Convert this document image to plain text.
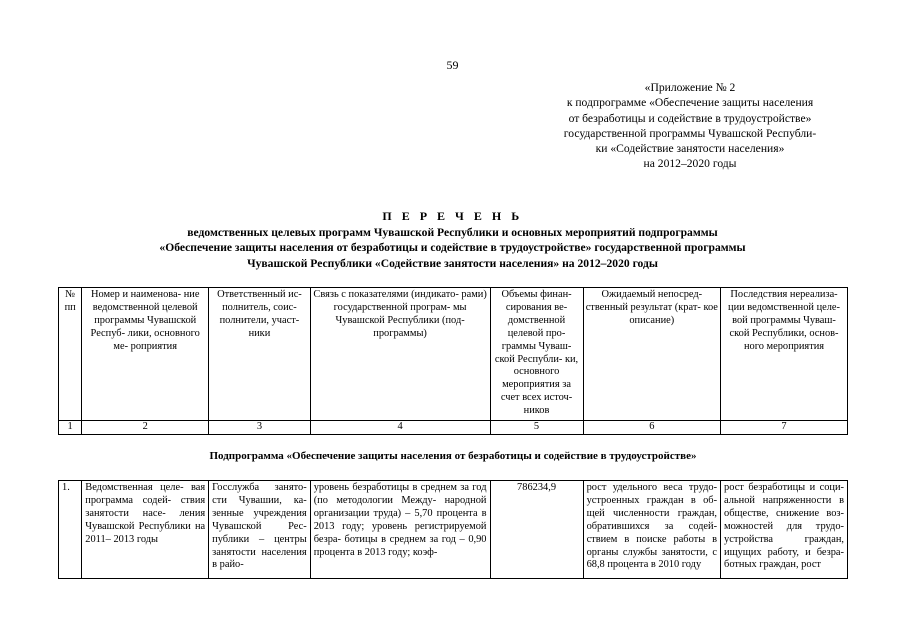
59
«Приложение № 2
к подпрограмме «Обеспечение защиты населения
от безработицы и содействие в трудоустройстве»
государственной программы Чувашской Республи-
ки «Содействие занятости населения»
на 2012–2020 годы
П Е Р Е Ч Е Н Ь
ведомственных целевых программ Чувашской Республики и основных мероприятий подпрограммы
«Обеспечение защиты населения от безработицы и содействие в трудоустройстве» государственной программы
Чувашской Республики «Содействие занятости населения» на 2012–2020 годы
№ пп	Номер и наименова- ние ведомственной целевой программы Чувашской Респуб- лики, основного ме- роприятия	Ответственный ис- полнитель, соис- полнители, участ- ники	Связь с показателями (индикато- рами) государственной програм- мы Чувашской Республики (под- программы)	Объемы финан- сирования ве- домственной целевой про- граммы Чуваш- ской Республи- ки, основного мероприятия за счет всех источ- ников	Ожидаемый непосред- ственный результат (крат- кое описание)	Последствия нереализа- ции ведомственной целе- вой программы Чуваш- ской Республики, основ- ного мероприятия
1	2	3	4	5	6	7
Подпрограмма «Обеспечение защиты населения от безработицы и содействие в трудоустройстве»
1.	Ведомственная целе- вая программа содей- ствия занятости насе- ления Чувашской Республики на 2011– 2013 годы	Госслужба занято- сти Чувашии, ка- зенные учреждения Чувашской Рес- публики – центры занятости населения в райо-	уровень безработицы в среднем за год (по методологии Между- народной организации труда) – 5,70 процента в 2013 году; уровень регистрируемой безра- ботицы в среднем за год – 0,90 процента в 2013 году; коэф-	786234,9	рост удельного веса трудо- устроенных граждан в об- щей численности граждан, обратившихся за содей- ствием в поиске работы в органы службы занятости, с 68,8 процента в 2010 году	рост безработицы и соци- альной напряженности в обществе, снижение воз- можностей для трудо- устройства граждан, ищущих работу, и безра- ботных граждан, рост
